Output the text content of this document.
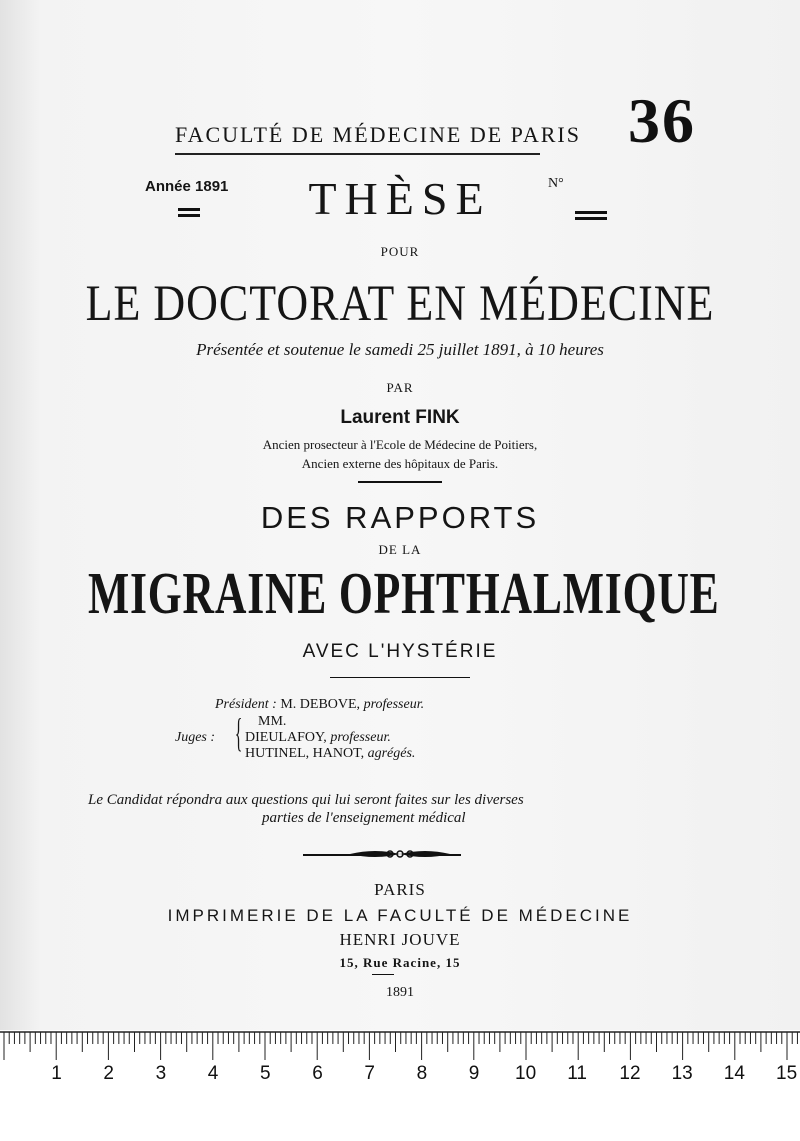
FACULTÉ DE MÉDECINE DE PARIS 36
Année 1891	THÈSE	N°
POUR
LE DOCTORAT EN MÉDECINE
Présentée et soutenue le samedi 25 juillet 1891, à 10 heures
PAR
Laurent FINK
Ancien prosecteur à l'Ecole de Médecine de Poitiers,
Ancien externe des hôpitaux de Paris.
DES RAPPORTS
DE LA
MIGRAINE OPHTHALMIQUE
AVEC L'HYSTÉRIE
Président : M. DEBOVE, professeur.
Juges : { MM.
DIEULAFOY, professeur.
HUTINEL, HANOT, agrégés.
Le Candidat répondra aux questions qui lui seront faites sur les diverses
parties de l'enseignement médical
PARIS
IMPRIMERIE DE LA FACULTÉ DE MÉDECINE
HENRI JOUVE
15, Rue Racine, 15
1891
1 2 3 4 5 6 7 8 9 10 11 12 13 14 15
